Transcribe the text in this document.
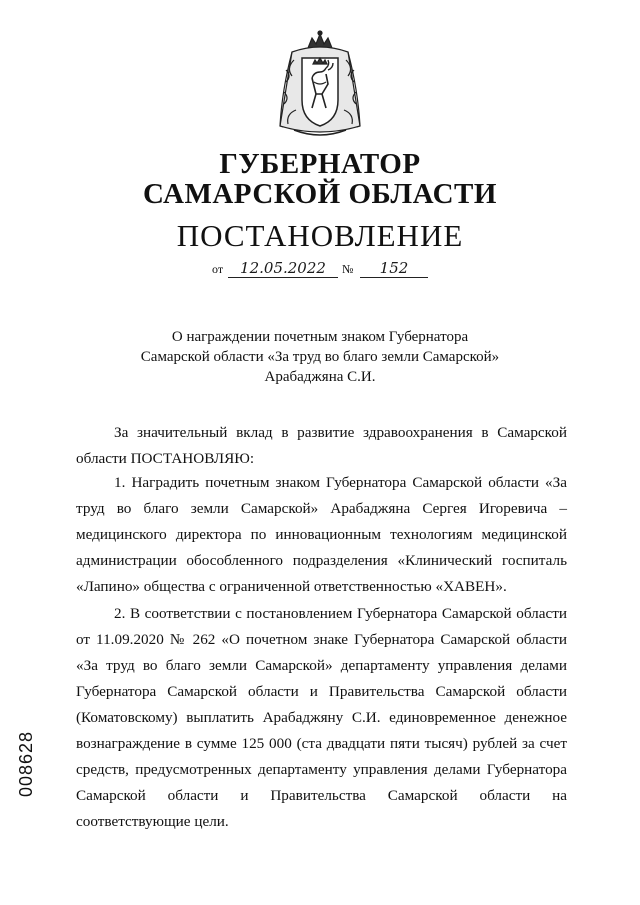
ГУБЕРНАТОР
САМАРСКОЙ ОБЛАСТИ
ПОСТАНОВЛЕНИЕ
от	12.05.2022	№	152
О награждении почетным знаком Губернатора
Самарской области «За труд во благо земли Самарской»
Арабаджяна С.И.

За значительный вклад в развитие здравоохранения в Самарской области ПОСТАНОВЛЯЮ:

1. Наградить почетным знаком Губернатора Самарской области «За труд во благо земли Самарской» Арабаджяна Сергея Игоревича – медицинского директора по инновационным технологиям медицинской администрации обособленного подразделения «Клинический госпиталь «Лапино» общества с ограниченной ответственностью «ХАВЕН».

2. В соответствии с постановлением Губернатора Самарской области от 11.09.2020 № 262 «О почетном знаке Губернатора Самарской области «За труд во благо земли Самарской» департаменту управления делами Губернатора Самарской области и Правительства Самарской области (Коматовскому) выплатить Арабаджяну С.И. единовременное денежное вознаграждение в сумме 125 000 (ста двадцати пяти тысяч) рублей за счет средств, предусмотренных департаменту управления делами Губернатора Самарской области и Правительства Самарской области на соответствующие цели.

008628
